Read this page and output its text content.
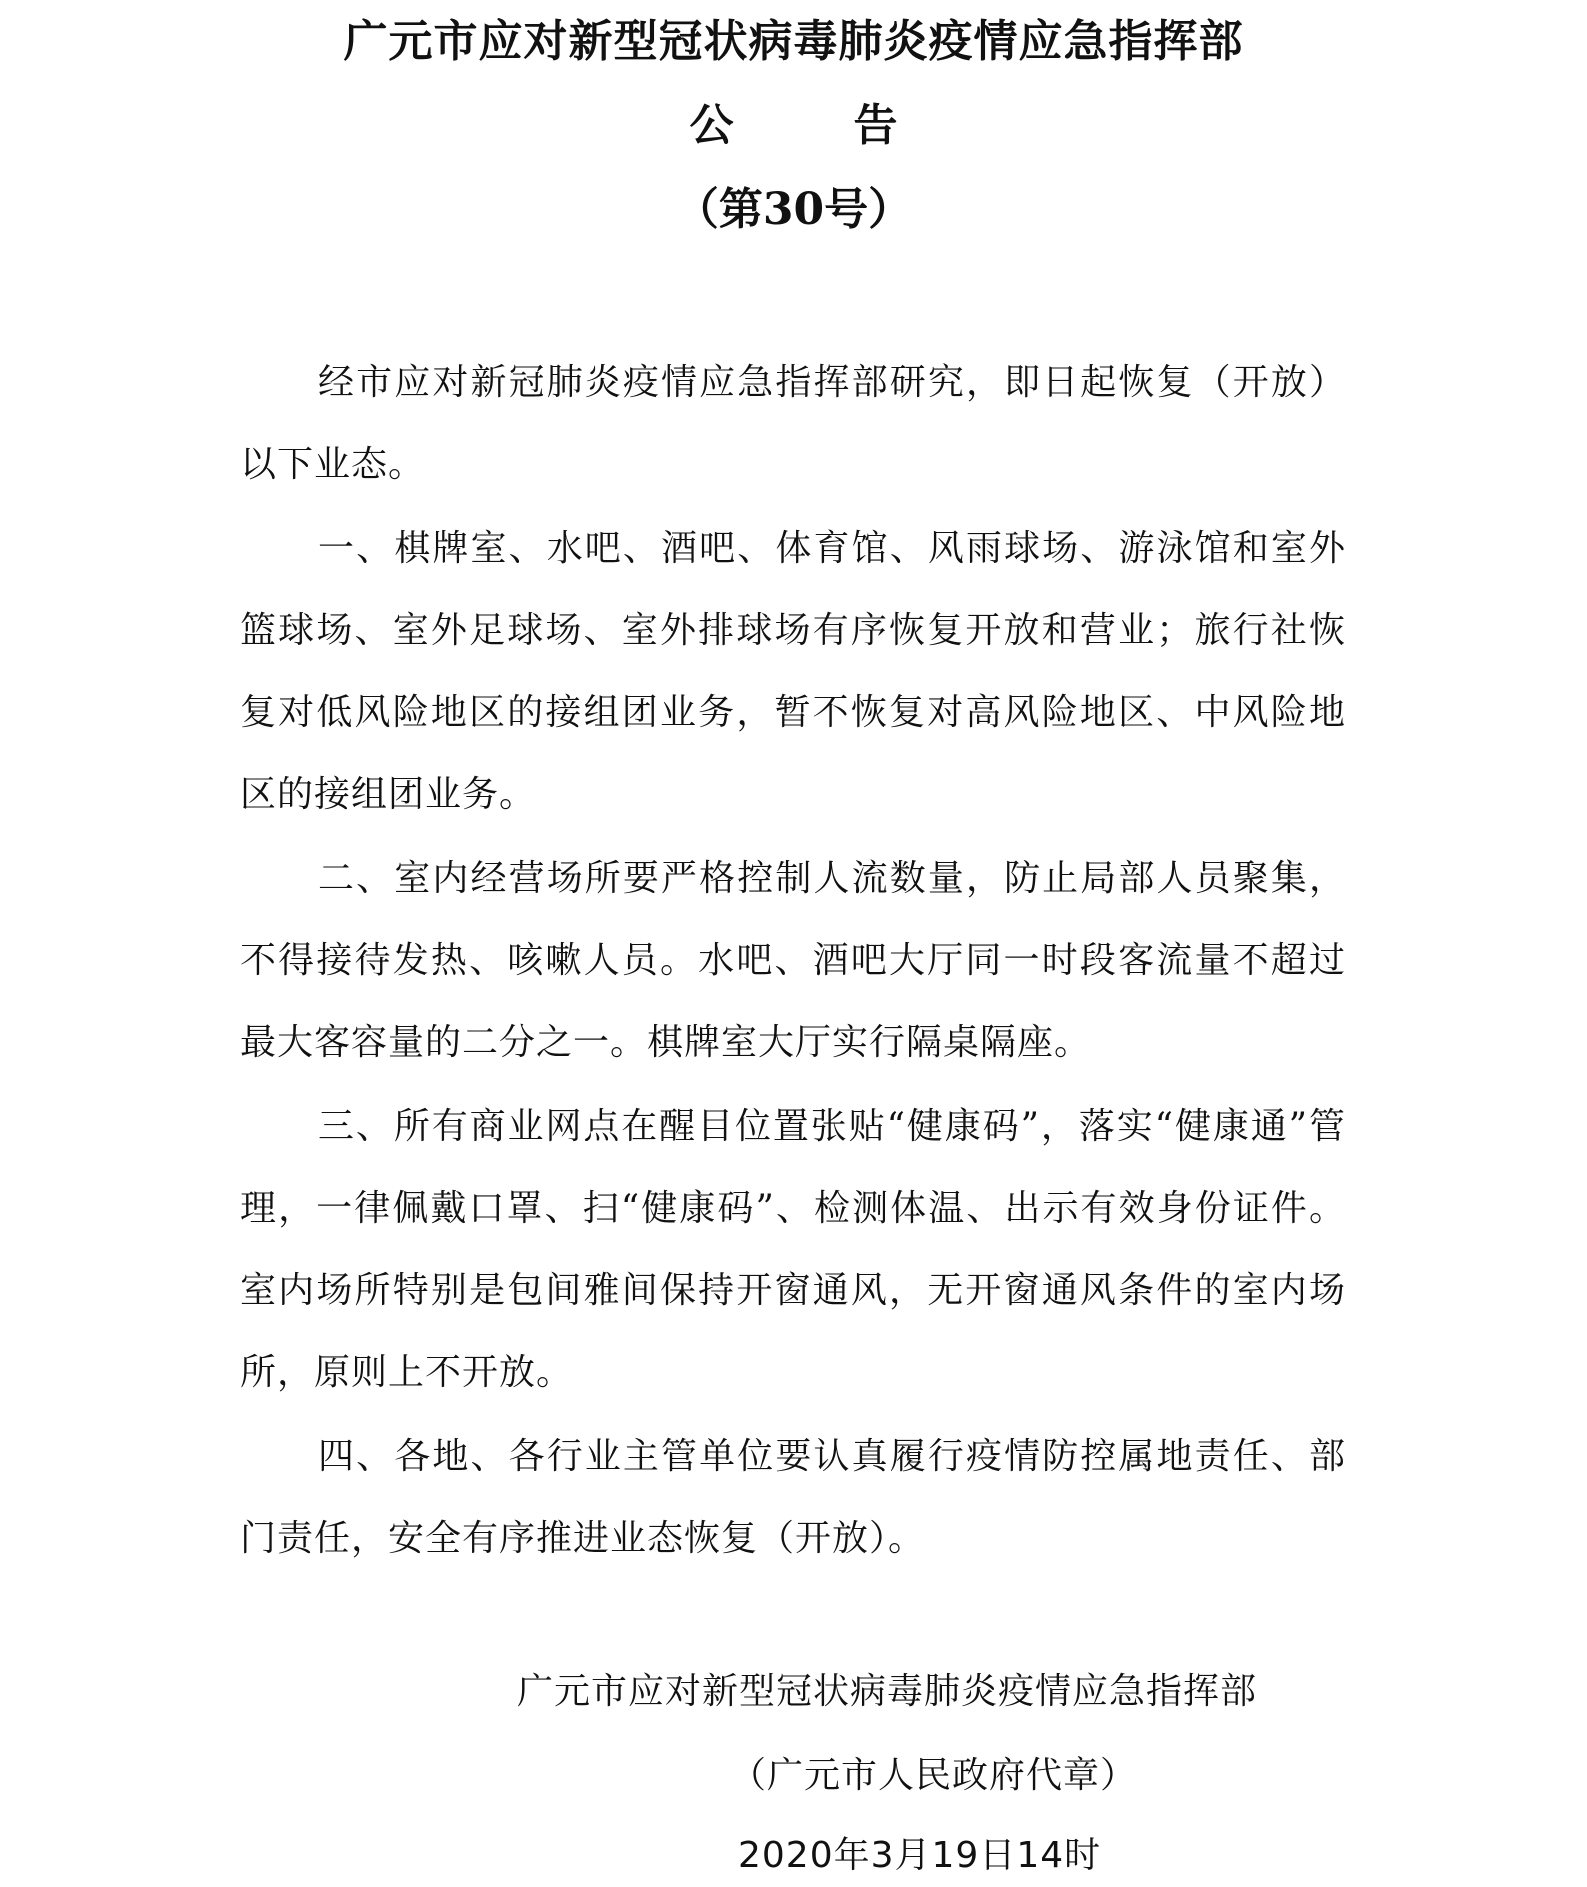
广元市应对新型冠状病毒肺炎疫情应急指挥部
公	告
（第30号）

经市应对新冠肺炎疫情应急指挥部研究，即日起恢复（开放）以下业态。

一、棋牌室、水吧、酒吧、体育馆、风雨球场、游泳馆和室外篮球场、室外足球场、室外排球场有序恢复开放和营业；旅行社恢复对低风险地区的接组团业务，暂不恢复对高风险地区、中风险地区的接组团业务。

二、室内经营场所要严格控制人流数量，防止局部人员聚集，不得接待发热、咳嗽人员。水吧、酒吧大厅同一时段客流量不超过最大客容量的二分之一。棋牌室大厅实行隔桌隔座。

三、所有商业网点在醒目位置张贴“健康码”，落实“健康通”管理，一律佩戴口罩、扫“健康码”、检测体温、出示有效身份证件。室内场所特别是包间雅间保持开窗通风，无开窗通风条件的室内场所，原则上不开放。

四、各地、各行业主管单位要认真履行疫情防控属地责任、部门责任，安全有序推进业态恢复（开放）。

广元市应对新型冠状病毒肺炎疫情应急指挥部
（广元市人民政府代章）
2020年3月19日14时
